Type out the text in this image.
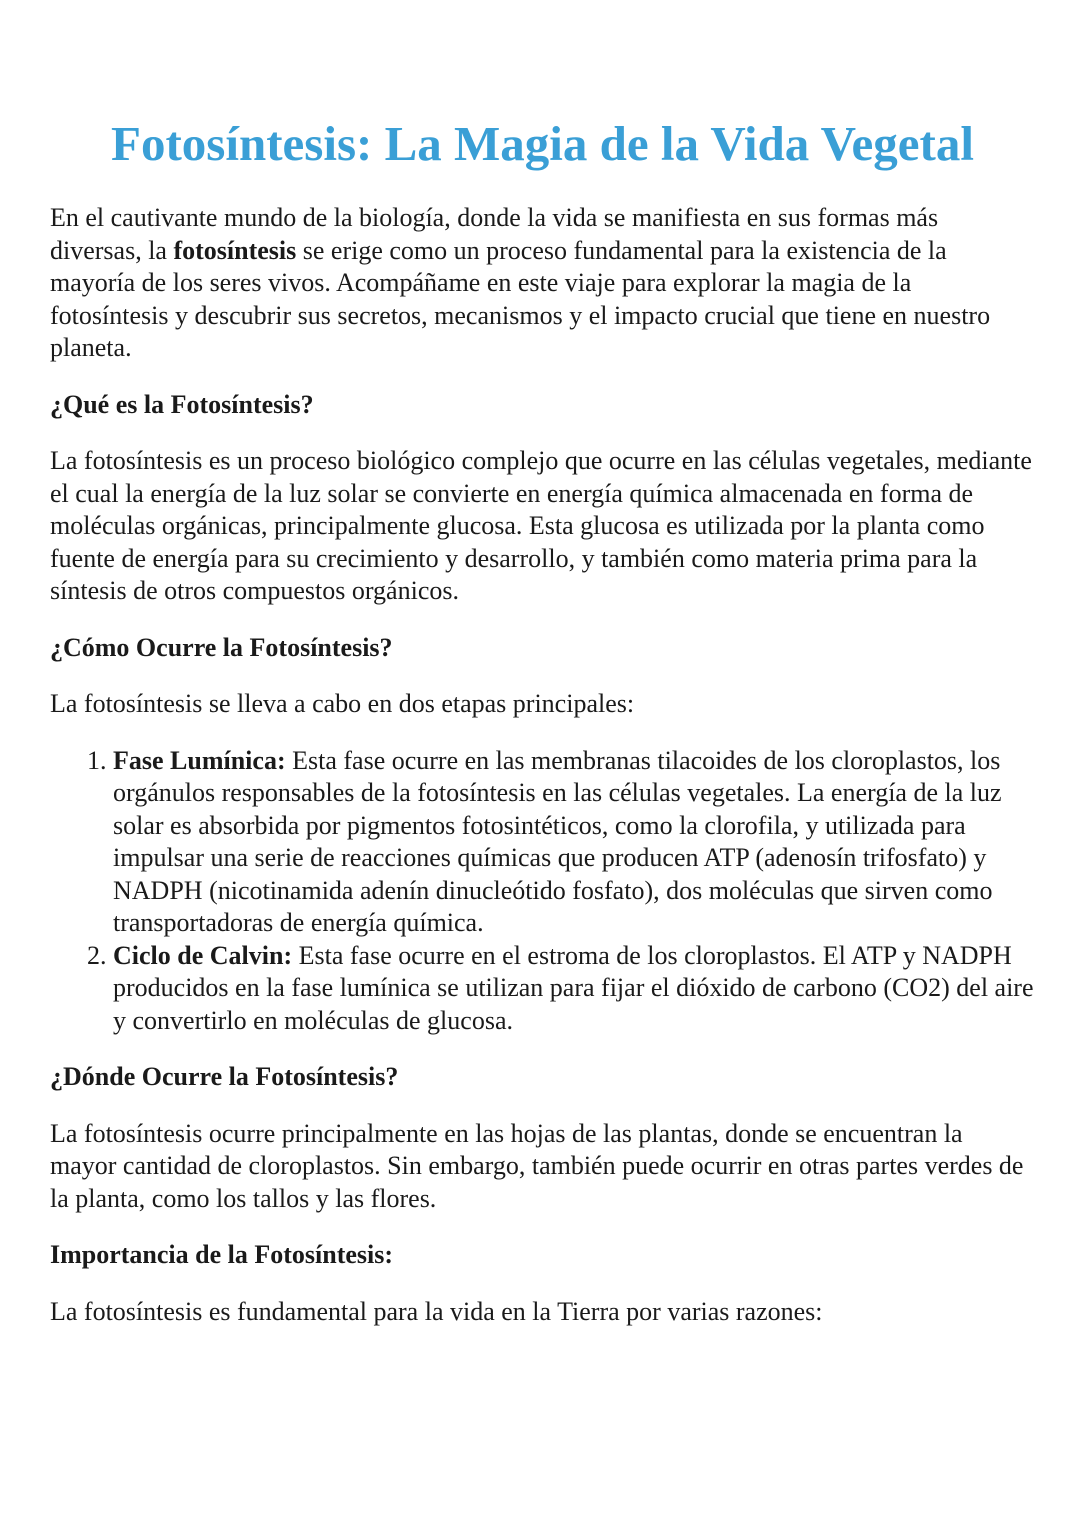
Fotosíntesis: La Magia de la Vida Vegetal

En el cautivante mundo de la biología, donde la vida se manifiesta en sus formas más diversas, la fotosíntesis se erige como un proceso fundamental para la existencia de la mayoría de los seres vivos. Acompáñame en este viaje para explorar la magia de la fotosíntesis y descubrir sus secretos, mecanismos y el impacto crucial que tiene en nuestro planeta.

¿Qué es la Fotosíntesis?

La fotosíntesis es un proceso biológico complejo que ocurre en las células vegetales, mediante el cual la energía de la luz solar se convierte en energía química almacenada en forma de moléculas orgánicas, principalmente glucosa. Esta glucosa es utilizada por la planta como fuente de energía para su crecimiento y desarrollo, y también como materia prima para la síntesis de otros compuestos orgánicos.

¿Cómo Ocurre la Fotosíntesis?

La fotosíntesis se lleva a cabo en dos etapas principales:

1. Fase Lumínica: Esta fase ocurre en las membranas tilacoides de los cloroplastos, los orgánulos responsables de la fotosíntesis en las células vegetales. La energía de la luz solar es absorbida por pigmentos fotosintéticos, como la clorofila, y utilizada para impulsar una serie de reacciones químicas que producen ATP (adenosín trifosfato) y NADPH (nicotinamida adenín dinucleótido fosfato), dos moléculas que sirven como transportadoras de energía química.
2. Ciclo de Calvin: Esta fase ocurre en el estroma de los cloroplastos. El ATP y NADPH producidos en la fase lumínica se utilizan para fijar el dióxido de carbono (CO2) del aire y convertirlo en moléculas de glucosa.
¿Dónde Ocurre la Fotosíntesis?

La fotosíntesis ocurre principalmente en las hojas de las plantas, donde se encuentran la mayor cantidad de cloroplastos. Sin embargo, también puede ocurrir en otras partes verdes de la planta, como los tallos y las flores.

Importancia de la Fotosíntesis:

La fotosíntesis es fundamental para la vida en la Tierra por varias razones:
